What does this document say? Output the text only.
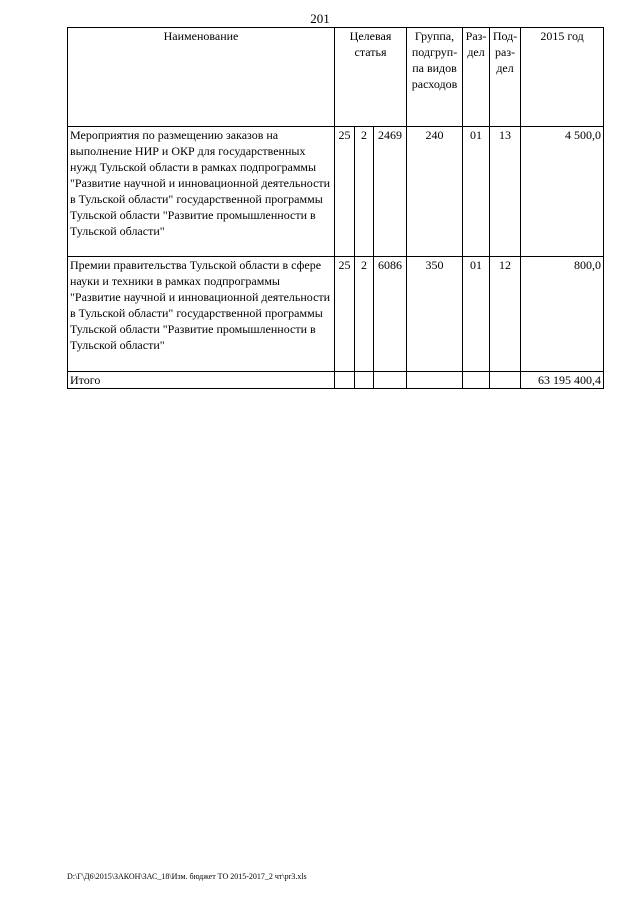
201
Наименование	Целевая статья			Группа, подгруп-па видов расходов	Раз-дел	Под-раз-дел	2015 год
Мероприятия по размещению заказов на выполнение НИР и ОКР для государственных нужд Тульской области в рамках подпрограммы "Развитие научной и инновационной деятельности в Тульской области" государственной программы Тульской области "Развитие промышленности в Тульской области"	25	2	2469	240	01	13	4 500,0
Премии правительства Тульской области в сфере науки и техники в рамках подпрограммы "Развитие научной и инновационной деятельности в Тульской области" государственной программы Тульской области "Развитие промышленности в Тульской области"	25	2	6086	350	01	12	800,0
Итого							63 195 400,4
D:\Г\Д6\2015\ЗАКОН\ЗАС_18\Изм. бюджет ТО 2015-2017_2 чт\pr3.xls
